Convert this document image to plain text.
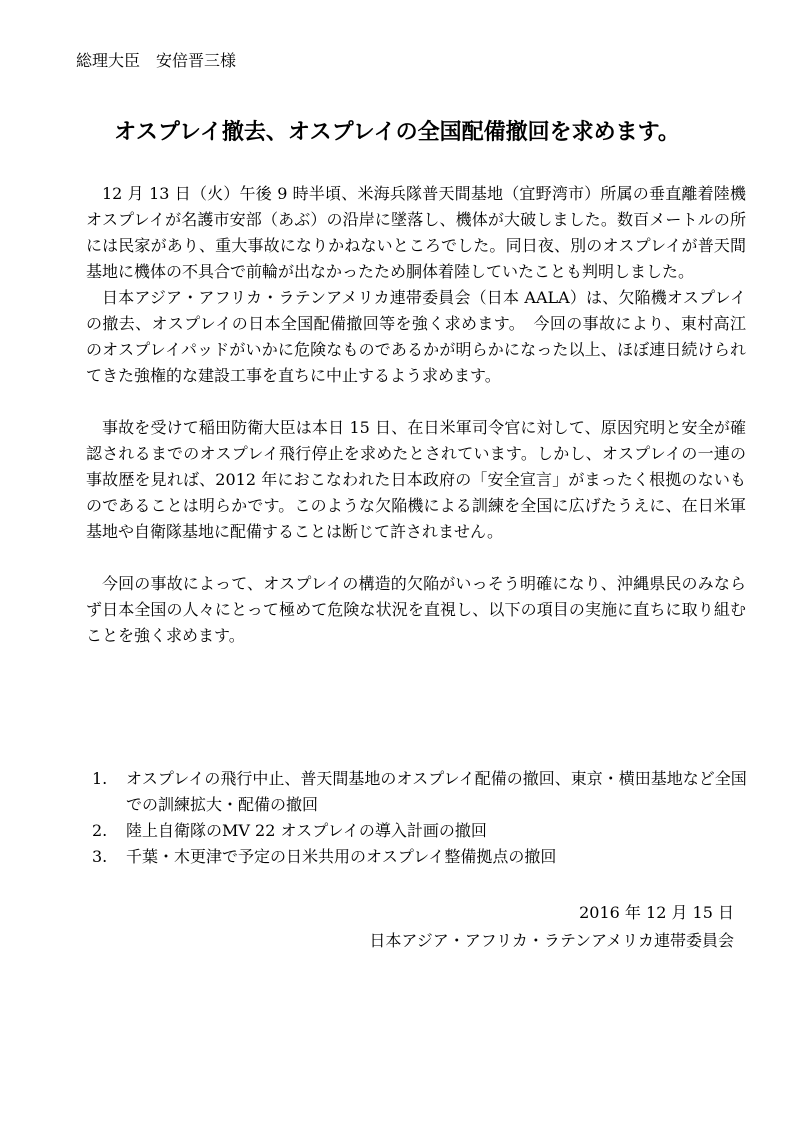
総理大臣　安倍晋三様
オスプレイ撤去、オスプレイの全国配備撤回を求めます。

12 月 13 日（火）午後 9 時半頃、米海兵隊普天間基地（宜野湾市）所属の垂直離着陸機オスプレイが名護市安部（あぶ）の沿岸に墜落し、機体が大破しました。数百メートルの所には民家があり、重大事故になりかねないところでした。同日夜、別のオスプレイが普天間基地に機体の不具合で前輪が出なかったため胴体着陸していたことも判明しました。

日本アジア・アフリカ・ラテンアメリカ連帯委員会（日本 AALA）は、欠陥機オスプレイの撤去、オスプレイの日本全国配備撤回等を強く求めます。　今回の事故により、東村高江のオスプレイパッドがいかに危険なものであるかが明らかになった以上、ほぼ連日続けられてきた強権的な建設工事を直ちに中止するよう求めます。

事故を受けて稲田防衛大臣は本日 15 日、在日米軍司令官に対して、原因究明と安全が確認されるまでのオスプレイ飛行停止を求めたとされています。しかし、オスプレイの一連の事故歴を見れば、2012 年におこなわれた日本政府の「安全宣言」がまったく根拠のないものであることは明らかです。このような欠陥機による訓練を全国に広げたうえに、在日米軍基地や自衛隊基地に配備することは断じて許されません。

今回の事故によって、オスプレイの構造的欠陥がいっそう明確になり、沖縄県民のみならず日本全国の人々にとって極めて危険な状況を直視し、以下の項目の実施に直ちに取り組むことを強く求めます。

1.	オスプレイの飛行中止、普天間基地のオスプレイ配備の撤回、東京・横田基地など全国での訓練拡大・配備の撤回
2.	陸上自衛隊のMV 22 オスプレイの導入計画の撤回
3.	千葉・木更津で予定の日米共用のオスプレイ整備拠点の撤回
2016 年 12 月 15 日
日本アジア・アフリカ・ラテンアメリカ連帯委員会
